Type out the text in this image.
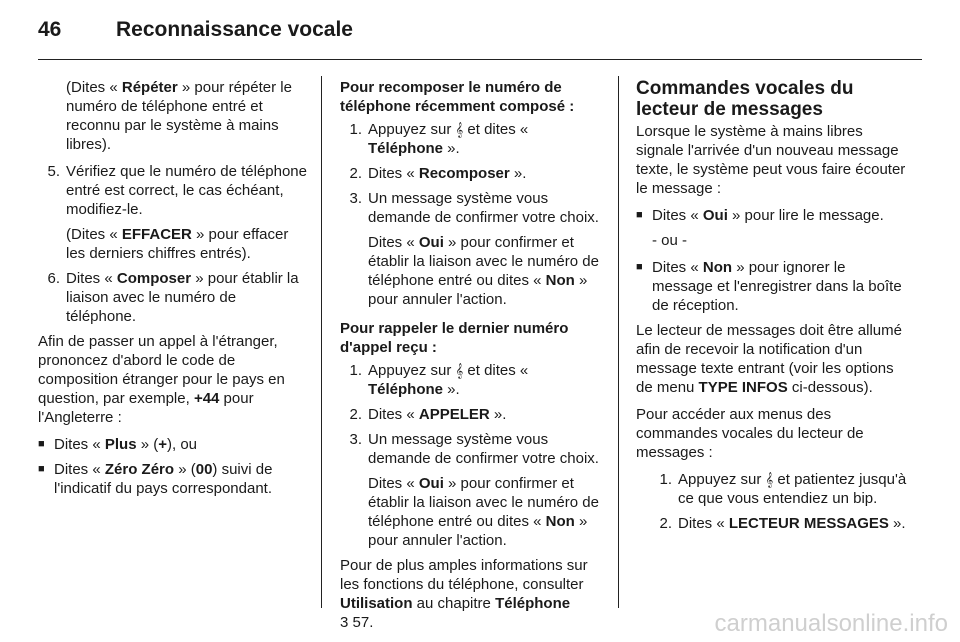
46	Reconnaissance vocale

(Dites « Répéter » pour répéter le numéro de téléphone entré et reconnu par le système à mains libres).

5. Vérifiez que le numéro de téléphone entré est correct, le cas échéant, modifiez-le.

(Dites « EFFACER » pour effacer les derniers chiffres entrés).

6. Dites « Composer » pour établir la liaison avec le numéro de téléphone.

Afin de passer un appel à l'étranger, prononcez d'abord le code de composition étranger pour le pays en question, par exemple, +44 pour l'Angleterre :

■ Dites « Plus » (+), ou
■ Dites « Zéro Zéro » (00) suivi de l'indicatif du pays correspondant.
Pour recomposer le numéro de téléphone récemment composé :
1. Appuyez sur 𝄞 et dites « Téléphone ».
2. Dites « Recomposer ».
3. Un message système vous demande de confirmer votre choix.

Dites « Oui » pour confirmer et établir la liaison avec le numéro de téléphone entré ou dites « Non » pour annuler l'action.

Pour rappeler le dernier numéro d'appel reçu :
1. Appuyez sur 𝄞 et dites « Téléphone ».
2. Dites « APPELER ».
3. Un message système vous demande de confirmer votre choix.

Dites « Oui » pour confirmer et établir la liaison avec le numéro de téléphone entré ou dites « Non » pour annuler l'action.

Pour de plus amples informations sur les fonctions du téléphone, consulter Utilisation au chapitre Téléphone
3 57.

Commandes vocales du lecteur de messages

Lorsque le système à mains libres signale l'arrivée d'un nouveau message texte, le système peut vous faire écouter le message :

■ Dites « Oui » pour lire le message.

- ou -

■ Dites « Non » pour ignorer le message et l'enregistrer dans la boîte de réception.

Le lecteur de messages doit être allumé afin de recevoir la notification d'un message texte entrant (voir les options de menu TYPE INFOS ci-dessous).

Pour accéder aux menus des commandes vocales du lecteur de messages :

1. Appuyez sur 𝄞 et patientez jusqu'à ce que vous entendiez un bip.
2. Dites « LECTEUR MESSAGES ».
carmanualsonline.info
